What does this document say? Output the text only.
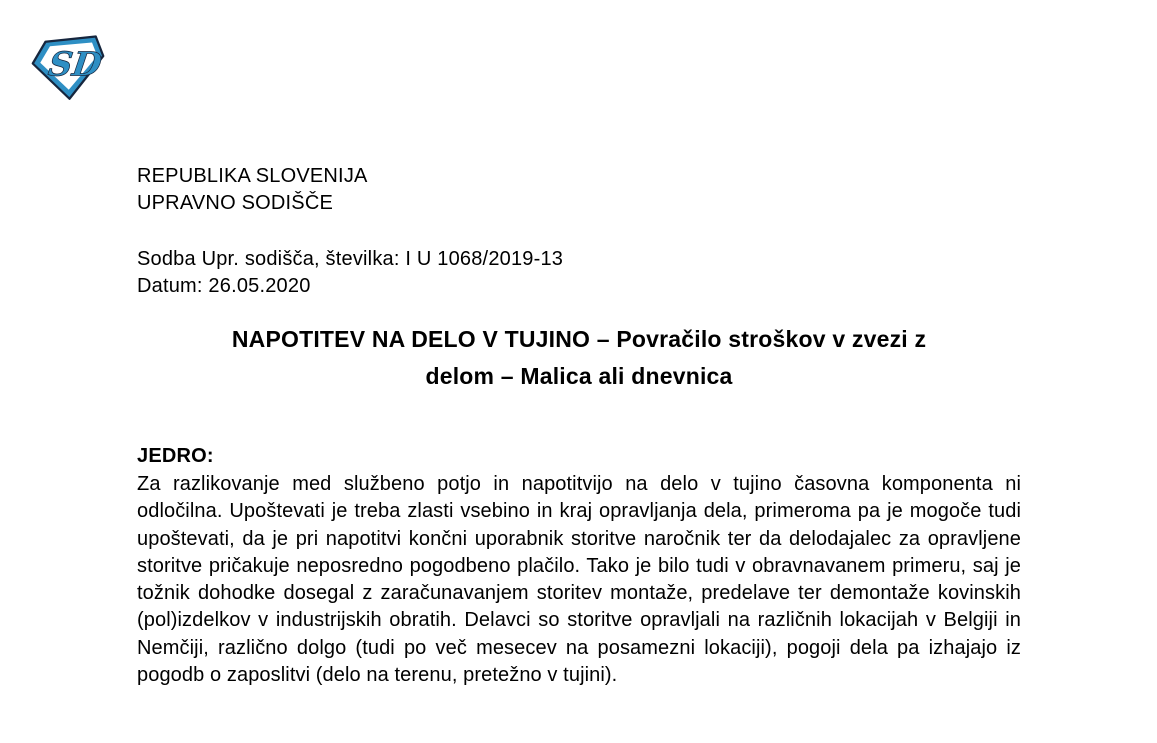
SD
REPUBLIKA SLOVENIJA
UPRAVNO SODIŠČE
Sodba Upr. sodišča, številka: I U 1068/2019-13
Datum: 26.05.2020
NAPOTITEV NA DELO V TUJINO – Povračilo stroškov v zvezi z
delom – Malica ali dnevnica
JEDRO:
Za razlikovanje med službeno potjo in napotitvijo na delo v tujino časovna komponenta ni odločilna. Upoštevati je treba zlasti vsebino in kraj opravljanja dela, primeroma pa je mogoče tudi upoštevati, da je pri napotitvi končni uporabnik storitve naročnik ter da delodajalec za opravljene storitve pričakuje neposredno pogodbeno plačilo. Tako je bilo tudi v obravnavanem primeru, saj je tožnik dohodke dosegal z zaračunavanjem storitev montaže, predelave ter demontaže kovinskih (pol)izdelkov v industrijskih obratih. Delavci so storitve opravljali na različnih lokacijah v Belgiji in Nemčiji, različno dolgo (tudi po več mesecev na posamezni lokaciji), pogoji dela pa izhajajo iz pogodb o zaposlitvi (delo na terenu, pretežno v tujini).
